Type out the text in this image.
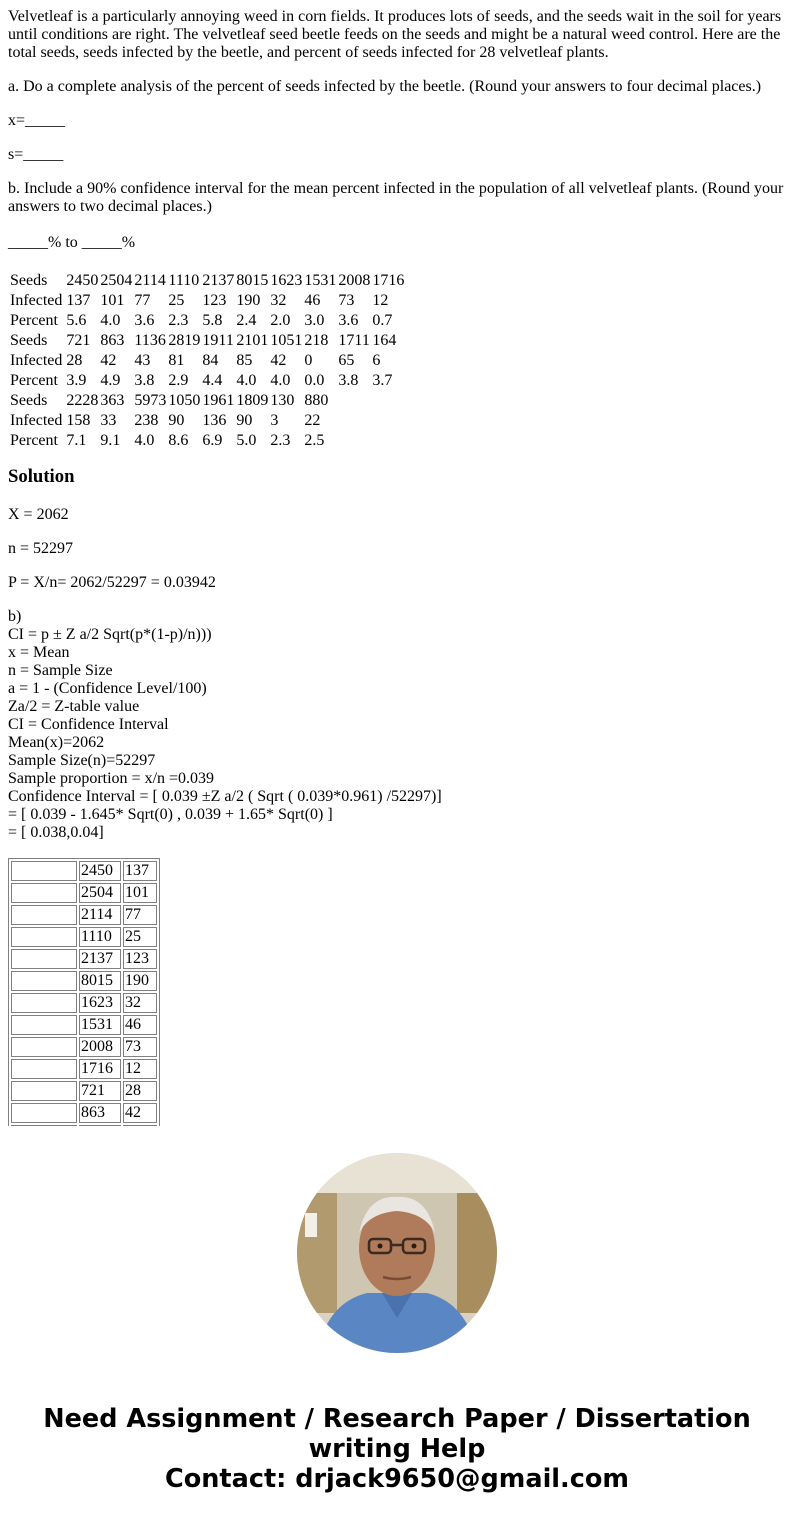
Velvetleaf is a particularly annoying weed in corn fields. It produces lots of seeds, and the seeds wait in the soil for years until conditions are right. The velvetleaf seed beetle feeds on the seeds and might be a natural weed control. Here are the total seeds, seeds infected by the beetle, and percent of seeds infected for 28 velvetleaf plants.

a. Do a complete analysis of the percent of seeds infected by the beetle. (Round your answers to four decimal places.)

x=_____

s=_____

b. Include a 90% confidence interval for the mean percent infected in the population of all velvetleaf plants. (Round your answers to two decimal places.)

_____% to _____%

Seeds	2450	2504	2114	1110	2137	8015	1623	1531	2008	1716
Infected	137	101	77	25	123	190	32	46	73	12
Percent	5.6	4.0	3.6	2.3	5.8	2.4	2.0	3.0	3.6	0.7
Seeds	721	863	1136	2819	1911	2101	1051	218	1711	164
Infected	28	42	43	81	84	85	42	0	65	6
Percent	3.9	4.9	3.8	2.9	4.4	4.0	4.0	0.0	3.8	3.7
Seeds	2228	363	5973	1050	1961	1809	130	880		
Infected	158	33	238	90	136	90	3	22		
Percent	7.1	9.1	4.0	8.6	6.9	5.0	2.3	2.5		
Solution

X = 2062

n = 52297

P = X/n= 2062/52297 = 0.03942

b)
CI = p ± Z a/2 Sqrt(p*(1-p)/n)))
x = Mean
n = Sample Size
a = 1 - (Confidence Level/100)
Za/2 = Z-table value
CI = Confidence Interval
Mean(x)=2062
Sample Size(n)=52297
Sample proportion = x/n =0.039
Confidence Interval = [ 0.039 ±Z a/2 ( Sqrt ( 0.039*0.961) /52297)]
= [ 0.039 - 1.645* Sqrt(0) , 0.039 + 1.65* Sqrt(0) ]
= [ 0.038,0.04]
	2450	137
	2504	101
	2114	77
	1110	25
	2137	123
	8015	190
	1623	32
	1531	46
	2008	73
	1716	12
	721	28
	863	42

Need Assignment / Research Paper / Dissertation
writing Help
Contact: drjack9650@gmail.com
